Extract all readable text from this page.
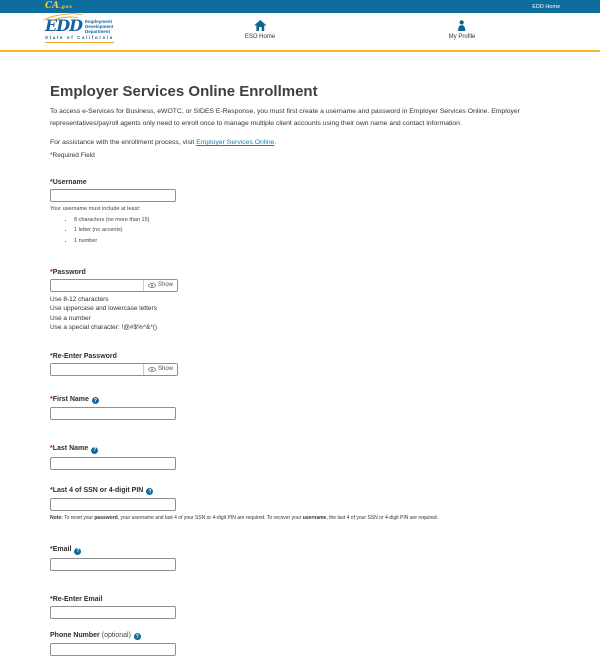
CA.gov	EDD Home
EDD Employment
Development
Department
State of California	ESO Home	My Profile
Employer Services Online Enrollment

To access e-Services for Business, eWOTC, or SIDES E-Response, you must first create a username and password in Employer Services Online. Employer representatives/payroll agents only need to enroll once to manage multiple client accounts using their own name and contact information.

For assistance with the enrollment process, visit Employer Services Online.

*Required Field

*Username
Your username must include at least:
• 8 characters (no more than 15)
• 1 letter (no accents)
• 1 number
*Password
Show
Use 8-12 characters
Use uppercase and lowercase letters
Use a number
Use a special character: !@#$%^&*()
*Re-Enter Password
Show
*First Name ?
*Last Name ?
*Last 4 of SSN or 4-digit PIN ?
Note: To reset your password, your username and last 4 of your SSN or 4-digit PIN are required. To recover your username, the last 4 of your SSN or 4-digit PIN are required.
*Email ?
*Re-Enter Email
Phone Number (optional) ?
